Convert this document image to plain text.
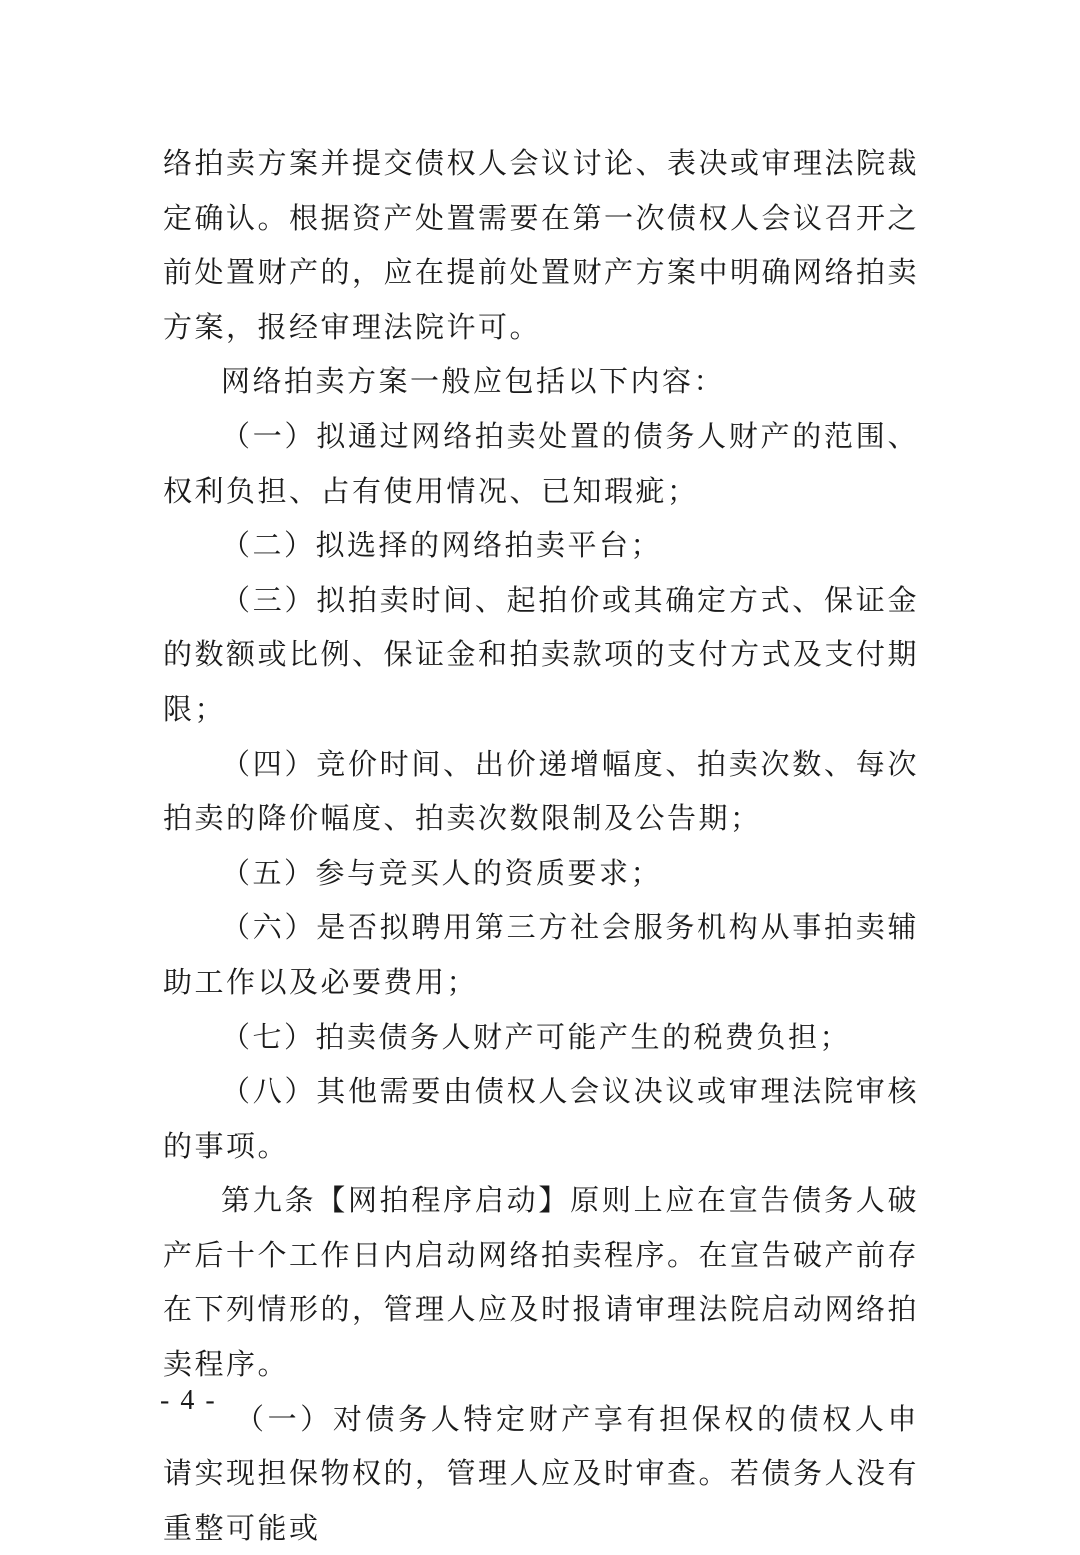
络拍卖方案并提交债权人会议讨论、表决或审理法院裁定确认。根据资产处置需要在第一次债权人会议召开之前处置财产的，应在提前处置财产方案中明确网络拍卖方案，报经审理法院许可。

网络拍卖方案一般应包括以下内容：

（一）拟通过网络拍卖处置的债务人财产的范围、权利负担、占有使用情况、已知瑕疵；

（二）拟选择的网络拍卖平台；

（三）拟拍卖时间、起拍价或其确定方式、保证金的数额或比例、保证金和拍卖款项的支付方式及支付期限；

（四）竞价时间、出价递增幅度、拍卖次数、每次拍卖的降价幅度、拍卖次数限制及公告期；

（五）参与竞买人的资质要求；

（六）是否拟聘用第三方社会服务机构从事拍卖辅助工作以及必要费用；

（七）拍卖债务人财产可能产生的税费负担；

（八）其他需要由债权人会议决议或审理法院审核的事项。

第九条【网拍程序启动】原则上应在宣告债务人破产后十个工作日内启动网络拍卖程序。在宣告破产前存在下列情形的，管理人应及时报请审理法院启动网络拍卖程序。

（一）对债务人特定财产享有担保权的债权人申请实现担保物权的，管理人应及时审查。若债务人没有重整可能或

- 4 -
